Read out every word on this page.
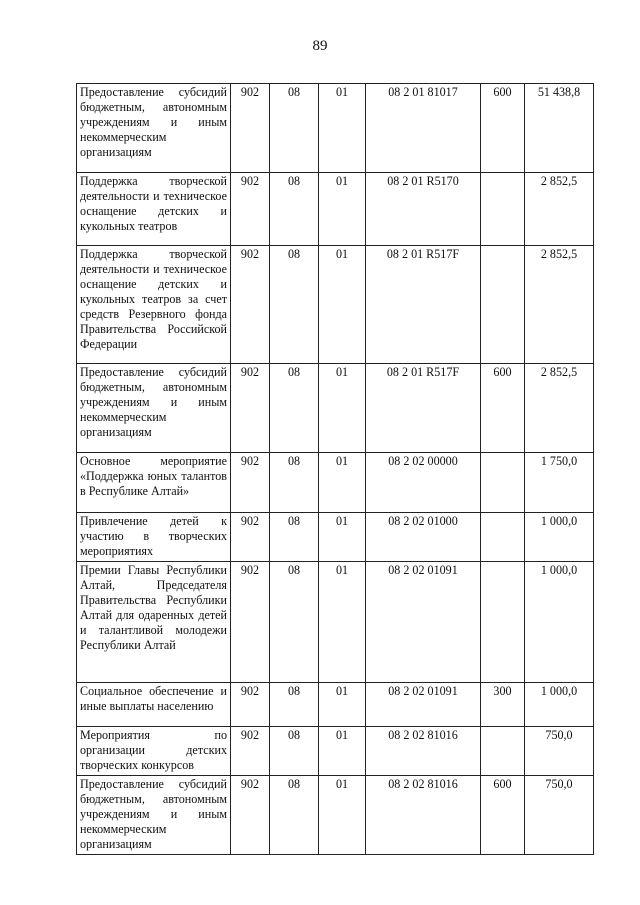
89
Предоставление субсидий бюджетным, автономным учреждениям и иным некоммерческим организациям	902	08	01	08 2 01 81017	600	51 438,8
Поддержка творческой деятельности и техническое оснащение детских и кукольных театров	902	08	01	08 2 01 R5170		2 852,5
Поддержка творческой деятельности и техническое оснащение детских и кукольных театров за счет средств Резервного фонда Правительства Российской Федерации	902	08	01	08 2 01 R517F		2 852,5
Предоставление субсидий бюджетным, автономным учреждениям и иным некоммерческим организациям	902	08	01	08 2 01 R517F	600	2 852,5
Основное мероприятие «Поддержка юных талантов в Республике Алтай»	902	08	01	08 2 02 00000		1 750,0
Привлечение детей к участию в творческих мероприятиях	902	08	01	08 2 02 01000		1 000,0
Премии Главы Республики Алтай, Председателя Правительства Республики Алтай для одаренных детей и талантливой молодежи Республики Алтай	902	08	01	08 2 02 01091		1 000,0
Социальное обеспечение и иные выплаты населению	902	08	01	08 2 02 01091	300	1 000,0
Мероприятия по организации детских творческих конкурсов	902	08	01	08 2 02 81016		750,0
Предоставление субсидий бюджетным, автономным учреждениям и иным некоммерческим организациям	902	08	01	08 2 02 81016	600	750,0
